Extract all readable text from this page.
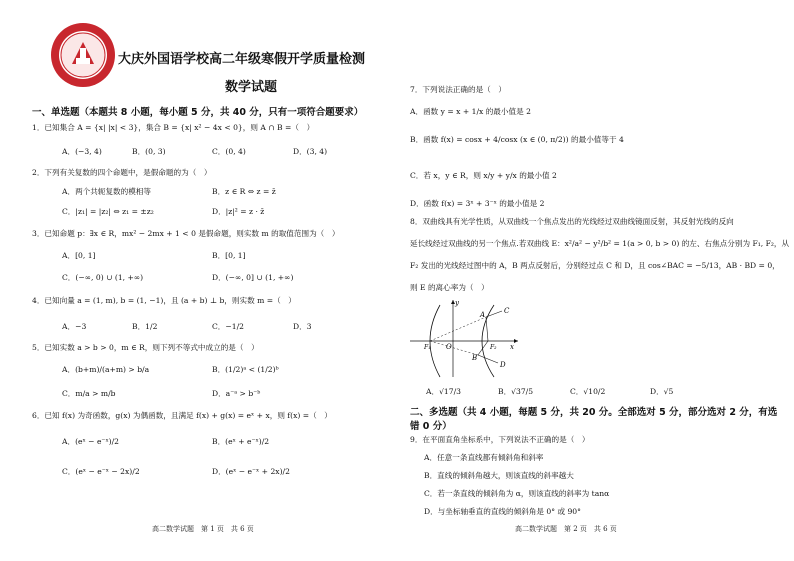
大庆外国语学校高二年级寒假开学质量检测
数学试题
一、单选题（本题共 8 小题，每小题 5 分，共 40 分，只有一项符合题要求）
1．已知集合 A = {x| |x| < 3}，集合 B = {x| x² − 4x < 0}，则 A ∩ B =（　）
A．(−3, 4)	B．(0, 3)	C．(0, 4)	D．(3, 4)
2．下列有关复数的四个命题中，是假命题的为（　）
A．两个共轭复数的模相等	B．z ∈ R ⇔ z = z̄
C．|z₁| = |z₂| ⇔ z₁ = ±z₂	D．|z|² = z · z̄
3．已知命题 p：∃x ∈ R，mx² − 2mx + 1 < 0 是假命题，则实数 m 的取值范围为（　）
A．[0, 1]	B．[0, 1]
C．(−∞, 0) ∪ (1, +∞)	D．(−∞, 0] ∪ (1, +∞)
4．已知向量 a = (1, m), b = (1, −1)，且 (a + b) ⊥ b，则实数 m =（　）
A．−3	B．1/2	C．−1/2	D．3
5．已知实数 a > b > 0，m ∈ R，则下列不等式中成立的是（　）
A．(b+m)/(a+m) > b/a	B．(1/2)ᵃ < (1/2)ᵇ
C．m/a > m/b	D．a⁻ᵃ > b⁻ᵇ
6．已知 f(x) 为奇函数，g(x) 为偶函数，且满足 f(x) + g(x) = eˣ + x，则 f(x) =（　）
A．(eˣ − e⁻ˣ)/2	B．(eˣ + e⁻ˣ)/2
C．(eˣ − e⁻ˣ − 2x)/2	D．(eˣ − e⁻ˣ + 2x)/2
高二数学试题　第 1 页　共 6 页
7．下列说法正确的是（　）
A．函数 y = x + 1/x 的最小值是 2
B．函数 f(x) = cosx + 4/cosx (x ∈ (0, π/2)) 的最小值等于 4
C．若 x，y ∈ R，则 x/y + y/x 的最小值 2
D．函数 f(x) = 3ˣ + 3⁻ˣ 的最小值是 2
8．双曲线具有光学性质，从双曲线一个焦点发出的光线经过双曲线镜面反射，其反射光线的反向
延长线经过双曲线的另一个焦点.若双曲线 E：x²/a² − y²/b² = 1(a > 0, b > 0) 的左、右焦点分别为 F₁, F₂，从
F₂ 发出的光线经过图中的 A，B 两点反射后，分别经过点 C 和 D，且 cos∠BAC = −5/13，AB · BD = 0，
则 E 的离心率为（　）
y
x
O
F₁	F₂
A
B
C
D
A．√17/3	B．√37/5	C．√10/2	D．√5
二、多选题（共 4 小题，每题 5 分，共 20 分。全部选对 5 分，部分选对 2 分，有选
错 0 分）
9．在平面直角坐标系中，下列说法不正确的是（　）
A．任意一条直线都有倾斜角和斜率
B．直线的倾斜角越大，则该直线的斜率越大
C．若一条直线的倾斜角为 α，则该直线的斜率为 tanα
D．与坐标轴垂直的直线的倾斜角是 0° 或 90°
高二数学试题　第 2 页　共 6 页
